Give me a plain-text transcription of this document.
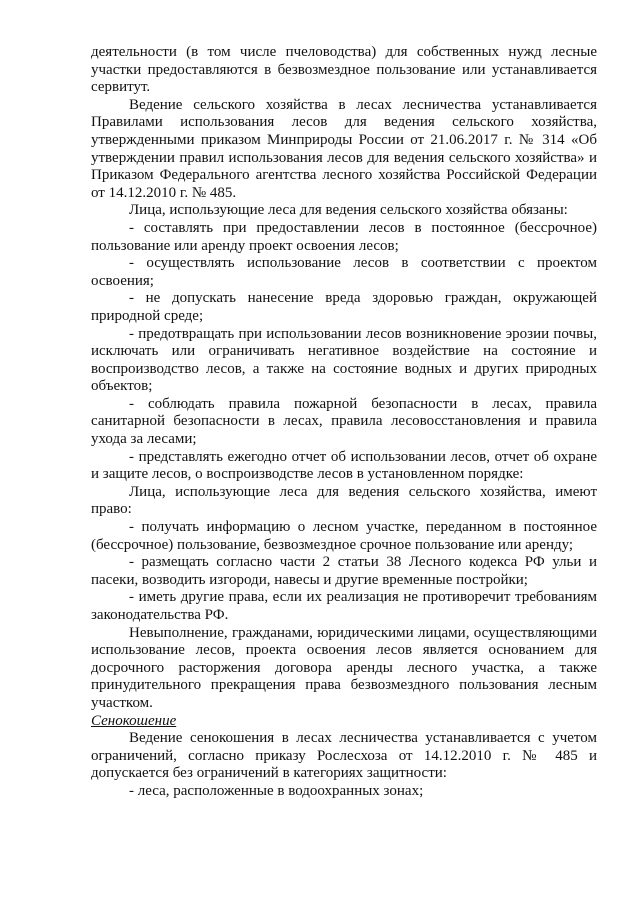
деятельности (в том числе пчеловодства) для собственных нужд лесные участки предоставляются в безвозмездное пользование или устанавливается сервитут.

Ведение сельского хозяйства в лесах лесничества устанавливается Правилами использования лесов для ведения сельского хозяйства, утвержденными приказом Минприроды России от 21.06.2017 г. № 314 «Об утверждении правил использования лесов для ведения сельского хозяйства» и Приказом Федерального агентства лесного хозяйства Российской Федерации от 14.12.2010 г. № 485.

Лица, использующие леса для ведения сельского хозяйства обязаны:

- составлять при предоставлении лесов в постоянное (бессрочное) пользование или аренду проект освоения лесов;

- осуществлять использование лесов в соответствии с проектом освоения;

- не допускать нанесение вреда здоровью граждан, окружающей природной среде;

- предотвращать при использовании лесов возникновение эрозии почвы, исключать или ограничивать негативное воздействие на состояние и воспроизводство лесов, а также на состояние водных и других природных объектов;

- соблюдать правила пожарной безопасности в лесах, правила санитарной безопасности в лесах, правила лесовосстановления и правила ухода за лесами;

- представлять ежегодно отчет об использовании лесов, отчет об охране и защите лесов, о воспроизводстве лесов в установленном порядке:

Лица, использующие леса для ведения сельского хозяйства, имеют право:

- получать информацию о лесном участке, переданном в постоянное (бессрочное) пользование, безвозмездное срочное пользование или аренду;

- размещать согласно части 2 статьи 38 Лесного кодекса РФ ульи и пасеки, возводить изгороди, навесы и другие временные постройки;

- иметь другие права, если их реализация не противоречит требованиям законодательства РФ.

Невыполнение, гражданами, юридическими лицами, осуществляющими использование лесов, проекта освоения лесов является основанием для досрочного расторжения договора аренды лесного участка, а также принудительного прекращения права безвозмездного пользования лесным участком.

Сенокошение

Ведение сенокошения в лесах лесничества устанавливается с учетом ограничений, согласно приказу Рослесхоза от 14.12.2010 г. № 485 и допускается без ограничений в категориях защитности:

- леса, расположенные в водоохранных зонах;
